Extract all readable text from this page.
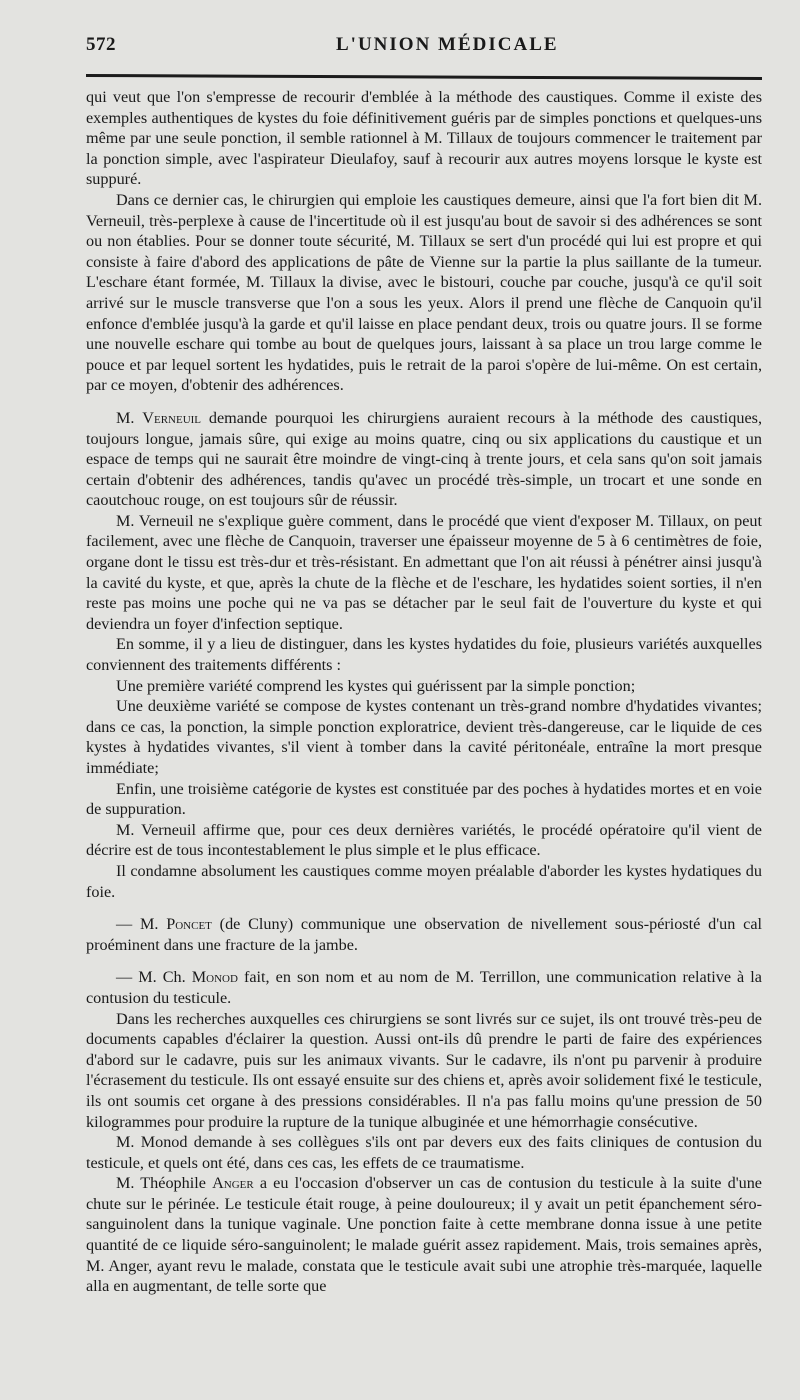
572	L'UNION MÉDICALE

qui veut que l'on s'empresse de recourir d'emblée à la méthode des caustiques. Comme il existe des exemples authentiques de kystes du foie définitivement guéris par de simples ponctions et quelques-uns même par une seule ponction, il semble rationnel à M. Tillaux de toujours commencer le traitement par la ponction simple, avec l'aspirateur Dieulafoy, sauf à recourir aux autres moyens lorsque le kyste est suppuré.

Dans ce dernier cas, le chirurgien qui emploie les caustiques demeure, ainsi que l'a fort bien dit M. Verneuil, très-perplexe à cause de l'incertitude où il est jusqu'au bout de savoir si des adhérences se sont ou non établies. Pour se donner toute sécurité, M. Tillaux se sert d'un procédé qui lui est propre et qui consiste à faire d'abord des applications de pâte de Vienne sur la partie la plus saillante de la tumeur. L'eschare étant formée, M. Tillaux la divise, avec le bistouri, couche par couche, jusqu'à ce qu'il soit arrivé sur le muscle transverse que l'on a sous les yeux. Alors il prend une flèche de Canquoin qu'il enfonce d'emblée jusqu'à la garde et qu'il laisse en place pendant deux, trois ou quatre jours. Il se forme une nouvelle eschare qui tombe au bout de quelques jours, laissant à sa place un trou large comme le pouce et par lequel sortent les hydatides, puis le retrait de la paroi s'opère de lui-même. On est certain, par ce moyen, d'obtenir des adhérences.

M. Verneuil demande pourquoi les chirurgiens auraient recours à la méthode des caustiques, toujours longue, jamais sûre, qui exige au moins quatre, cinq ou six applications du caustique et un espace de temps qui ne saurait être moindre de vingt-cinq à trente jours, et cela sans qu'on soit jamais certain d'obtenir des adhérences, tandis qu'avec un procédé très-simple, un trocart et une sonde en caoutchouc rouge, on est toujours sûr de réussir.

M. Verneuil ne s'explique guère comment, dans le procédé que vient d'exposer M. Tillaux, on peut facilement, avec une flèche de Canquoin, traverser une épaisseur moyenne de 5 à 6 centimètres de foie, organe dont le tissu est très-dur et très-résistant. En admettant que l'on ait réussi à pénétrer ainsi jusqu'à la cavité du kyste, et que, après la chute de la flèche et de l'eschare, les hydatides soient sorties, il n'en reste pas moins une poche qui ne va pas se détacher par le seul fait de l'ouverture du kyste et qui deviendra un foyer d'infection septique.

En somme, il y a lieu de distinguer, dans les kystes hydatides du foie, plusieurs variétés auxquelles conviennent des traitements différents :

Une première variété comprend les kystes qui guérissent par la simple ponction;

Une deuxième variété se compose de kystes contenant un très-grand nombre d'hydatides vivantes; dans ce cas, la ponction, la simple ponction exploratrice, devient très-dangereuse, car le liquide de ces kystes à hydatides vivantes, s'il vient à tomber dans la cavité péritonéale, entraîne la mort presque immédiate;

Enfin, une troisième catégorie de kystes est constituée par des poches à hydatides mortes et en voie de suppuration.

M. Verneuil affirme que, pour ces deux dernières variétés, le procédé opératoire qu'il vient de décrire est de tous incontestablement le plus simple et le plus efficace.

Il condamne absolument les caustiques comme moyen préalable d'aborder les kystes hydatiques du foie.

— M. Poncet (de Cluny) communique une observation de nivellement sous-périosté d'un cal proéminent dans une fracture de la jambe.

— M. Ch. Monod fait, en son nom et au nom de M. Terrillon, une communication relative à la contusion du testicule.

Dans les recherches auxquelles ces chirurgiens se sont livrés sur ce sujet, ils ont trouvé très-peu de documents capables d'éclairer la question. Aussi ont-ils dû prendre le parti de faire des expériences d'abord sur le cadavre, puis sur les animaux vivants. Sur le cadavre, ils n'ont pu parvenir à produire l'écrasement du testicule. Ils ont essayé ensuite sur des chiens et, après avoir solidement fixé le testicule, ils ont soumis cet organe à des pressions considérables. Il n'a pas fallu moins qu'une pression de 50 kilogrammes pour produire la rupture de la tunique albuginée et une hémorrhagie consécutive.

M. Monod demande à ses collègues s'ils ont par devers eux des faits cliniques de contusion du testicule, et quels ont été, dans ces cas, les effets de ce traumatisme.

M. Théophile Anger a eu l'occasion d'observer un cas de contusion du testicule à la suite d'une chute sur le périnée. Le testicule était rouge, à peine douloureux; il y avait un petit épanchement séro-sanguinolent dans la tunique vaginale. Une ponction faite à cette membrane donna issue à une petite quantité de ce liquide séro-sanguinolent; le malade guérit assez rapidement. Mais, trois semaines après, M. Anger, ayant revu le malade, constata que le testicule avait subi une atrophie très-marquée, laquelle alla en augmentant, de telle sorte que
